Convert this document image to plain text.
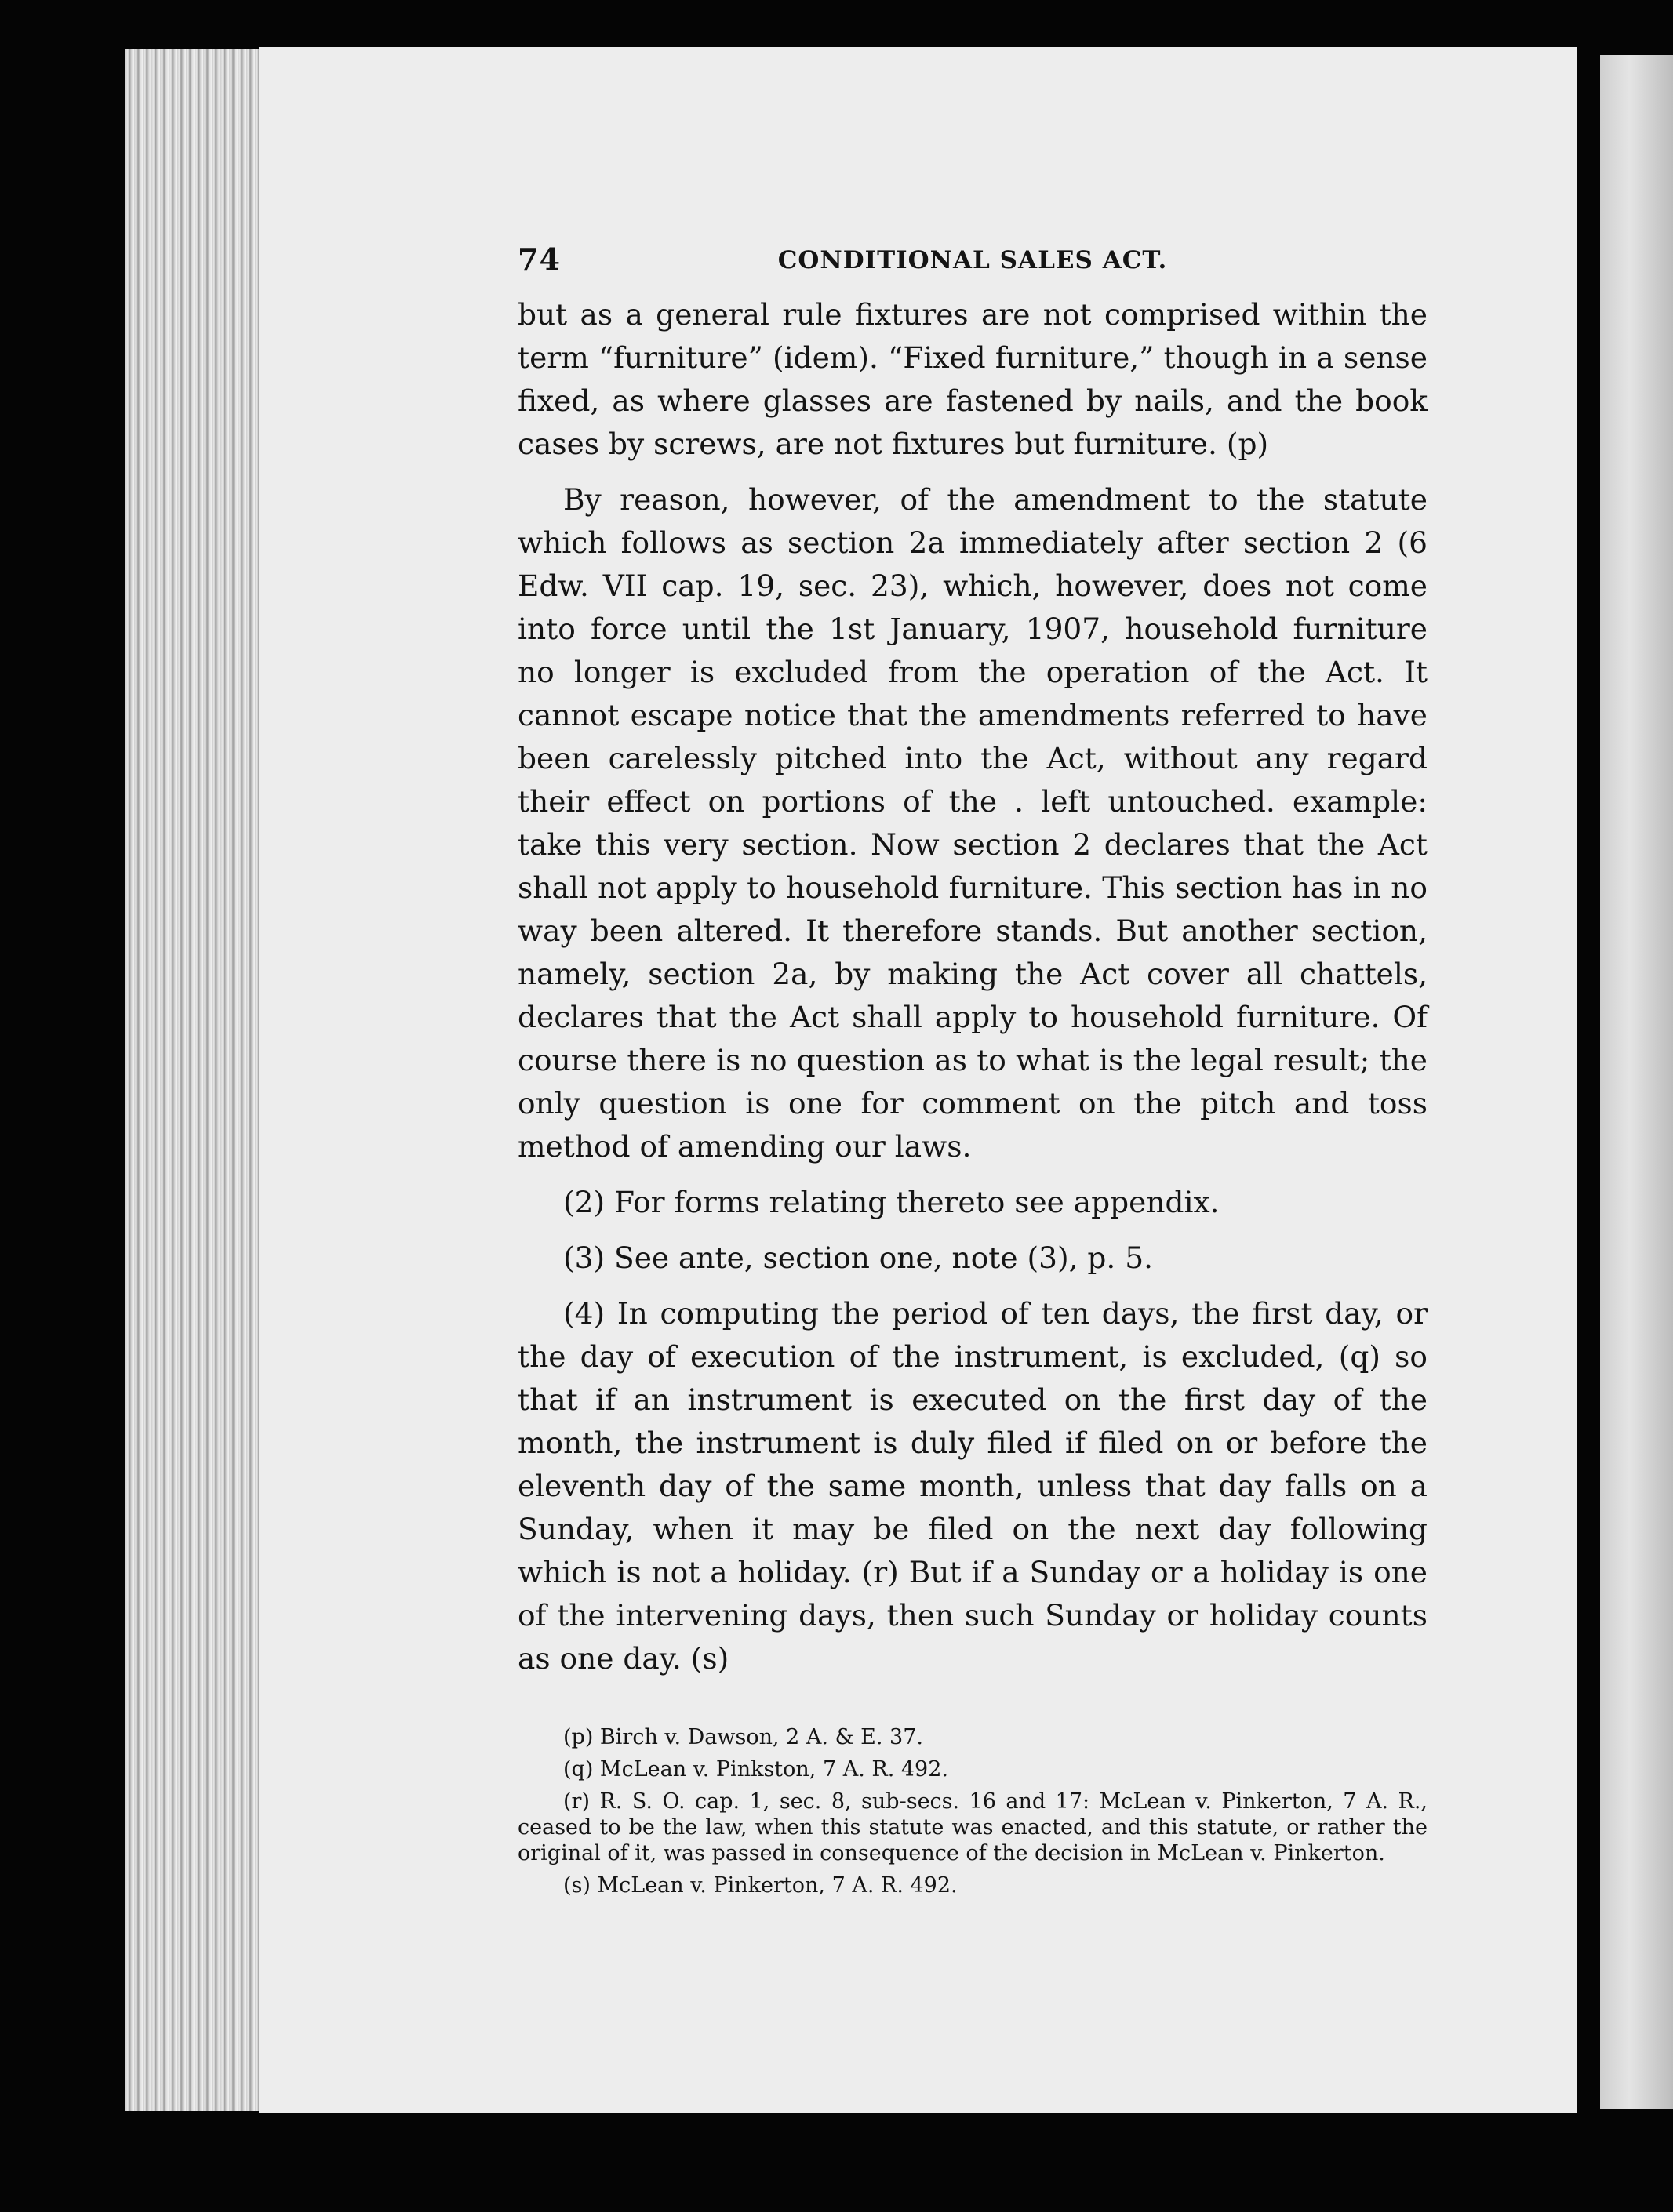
74	CONDITIONAL SALES ACT.

but as a general rule fixtures are not comprised within the term “furniture” (idem). “Fixed furniture,” though in a sense fixed, as where glasses are fastened by nails, and the book cases by screws, are not fixtures but furniture. (p)

By reason, however, of the amendment to the statute which follows as section 2a immediately after section 2 (6 Edw. VII cap. 19, sec. 23), which, however, does not come into force until the 1st January, 1907, household furniture no longer is excluded from the operation of the Act. It cannot escape notice that the amendments referred to have been carelessly pitched into the Act, without any regard their effect on portions of the . left untouched. example: take this very section. Now section 2 declares that the Act shall not apply to household furniture. This section has in no way been altered. It therefore stands. But another section, namely, section 2a, by making the Act cover all chattels, declares that the Act shall apply to household furniture. Of course there is no question as to what is the legal result; the only question is one for comment on the pitch and toss method of amending our laws.

(2) For forms relating thereto see appendix.

(3) See ante, section one, note (3), p. 5.

(4) In computing the period of ten days, the first day, or the day of execution of the instrument, is excluded, (q) so that if an instrument is executed on the first day of the month, the instrument is duly filed if filed on or before the eleventh day of the same month, unless that day falls on a Sunday, when it may be filed on the next day following which is not a holiday. (r) But if a Sunday or a holiday is one of the intervening days, then such Sunday or holiday counts as one day. (s)

(p) Birch v. Dawson, 2 A. & E. 37.

(q) McLean v. Pinkston, 7 A. R. 492.

(r) R. S. O. cap. 1, sec. 8, sub-secs. 16 and 17: McLean v. Pinkerton, 7 A. R., ceased to be the law, when this statute was enacted, and this statute, or rather the original of it, was passed in consequence of the decision in McLean v. Pinkerton.

(s) McLean v. Pinkerton, 7 A. R. 492.
